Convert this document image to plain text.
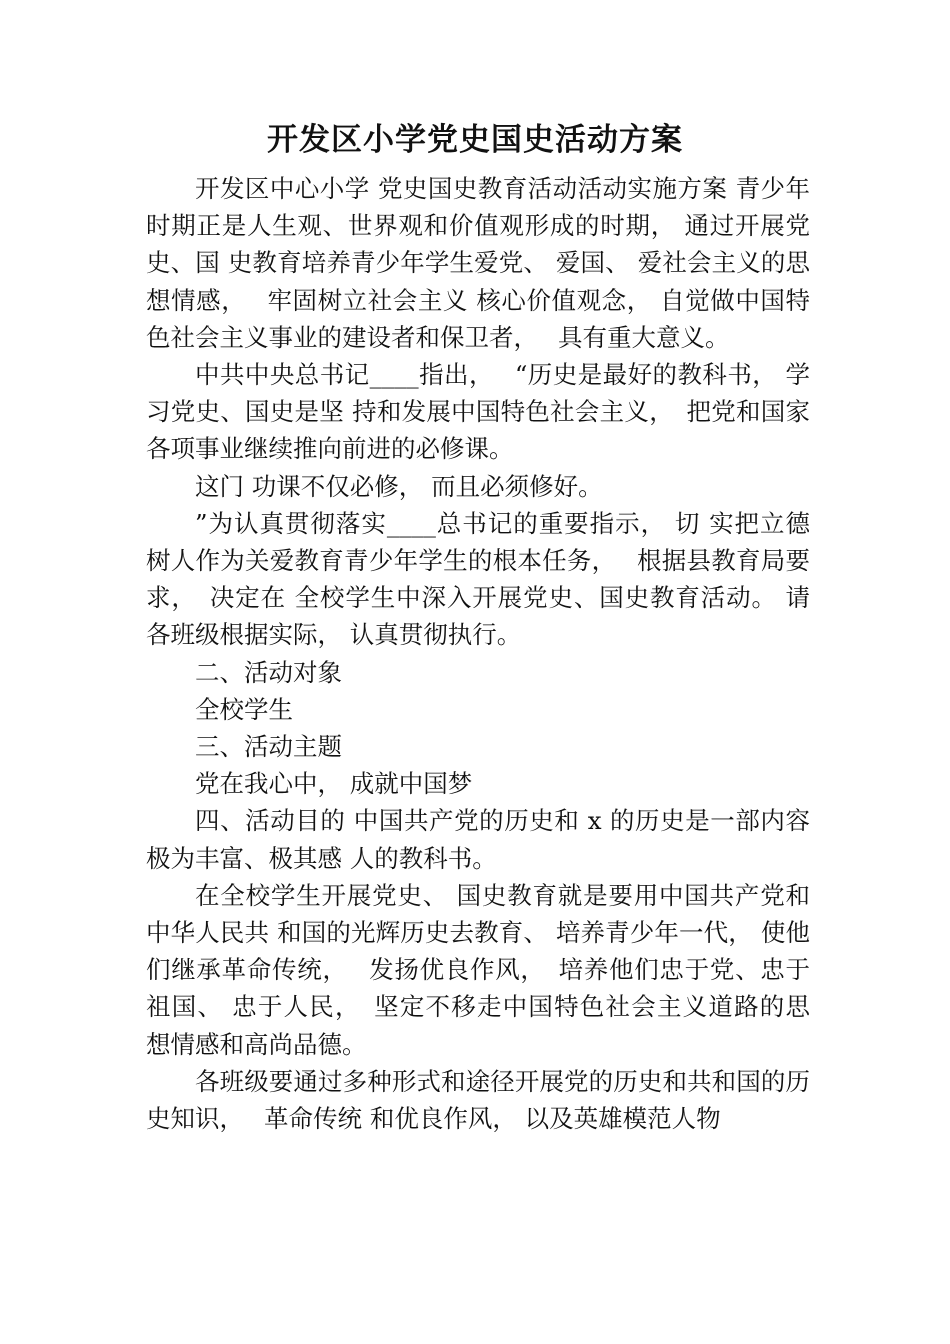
开发区小学党史国史活动方案

开发区中心小学 党史国史教育活动活动实施方案 青少年时期正是人生观、世界观和价值观形成的时期， 通过开展党史、国 史教育培养青少年学生爱党、 爱国、 爱社会主义的思想情感，　 牢固树立社会主义 核心价值观念， 自觉做中国特色社会主义事业的建设者和保卫者，　 具有重大意义。

中共中央总书记____指出，　 “历史是最好的教科书， 学习党史、国史是坚 持和发展中国特色社会主义，　把党和国家各项事业继续推向前进的必修课。

这门 功课不仅必修， 而且必须修好。

”为认真贯彻落实____总书记的重要指示， 切 实把立德树人作为关爱教育青少年学生的根本任务，　 根据县教育局要求，　决定在 全校学生中深入开展党史、国史教育活动。 请各班级根据实际， 认真贯彻执行。

二、活动对象

全校学生

三、活动主题

党在我心中， 成就中国梦

四、活动目的 中国共产党的历史和 x 的历史是一部内容极为丰富、极其感 人的教科书。

在全校学生开展党史、 国史教育就是要用中国共产党和中华人民共 和国的光辉历史去教育、 培养青少年一代， 使他们继承革命传统，　 发扬优良作风，　培养他们忠于党、忠于祖国、 忠于人民，　坚定不移走中国特色社会主义道路的思 想情感和高尚品德。

各班级要通过多种形式和途径开展党的历史和共和国的历史知识，　 革命传统 和优良作风， 以及英雄模范人物
